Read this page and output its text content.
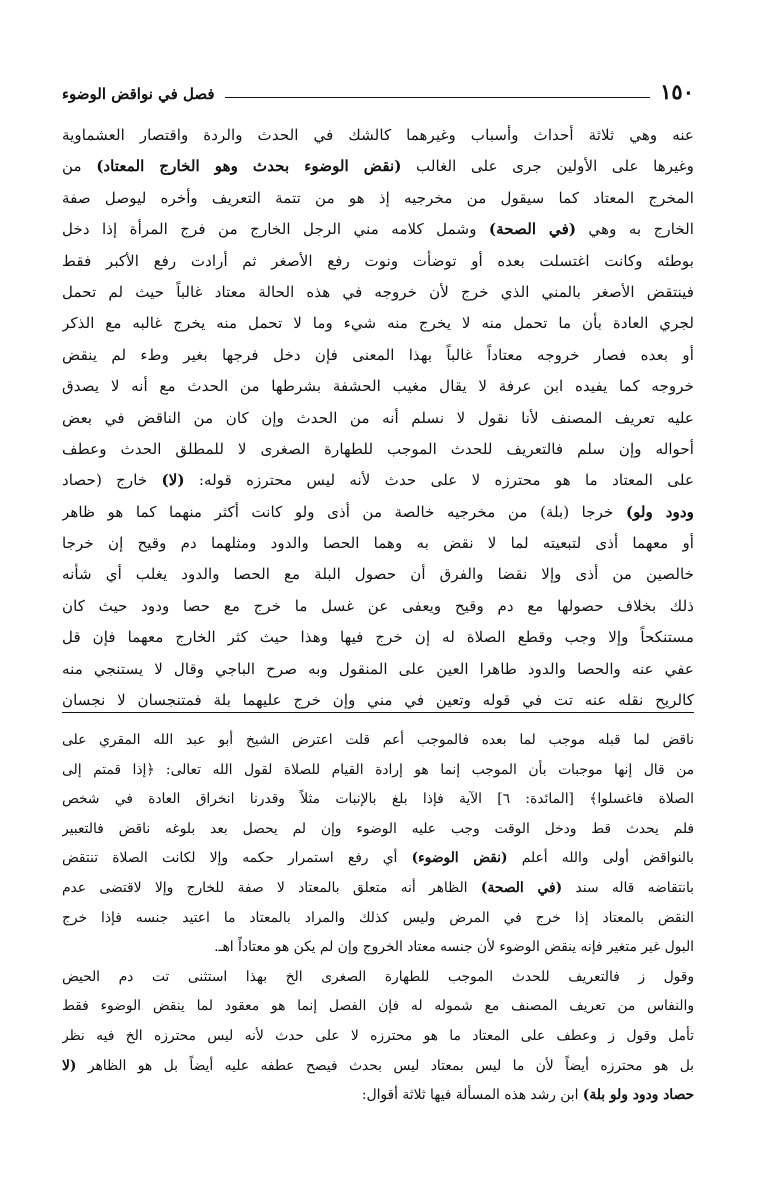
١٥٠
فصل في نواقض الوضوء
عنه وهي ثلاثة أحداث وأسباب وغيرهما كالشك في الحدث والردة واقتصار العشماوية
وغيرها على الأولين جرى على الغالب (نقض الوضوء بحدث وهو الخارج المعتاد) من
المخرج المعتاد كما سيقول من مخرجيه إذ هو من تتمة التعريف وأخره ليوصل صفة
الخارج به وهي (في الصحة) وشمل كلامه مني الرجل الخارج من فرج المرأة إذا دخل
بوطئه وكانت اغتسلت بعده أو توضأت ونوت رفع الأصغر ثم أرادت رفع الأكبر فقط
فينتقض الأصغر بالمني الذي خرج لأن خروجه في هذه الحالة معتاد غالباً حيث لم تحمل
لجري العادة بأن ما تحمل منه لا يخرج منه شيء وما لا تحمل منه يخرج غالبه مع الذكر
أو بعده فصار خروجه معتاداً غالباً بهذا المعنى فإن دخل فرجها بغير وطء لم ينقض
خروجه كما يفيده ابن عرفة لا يقال مغيب الحشفة بشرطها من الحدث مع أنه لا يصدق
عليه تعريف المصنف لأنا نقول لا نسلم أنه من الحدث وإن كان من الناقض في بعض
أحواله وإن سلم فالتعريف للحدث الموجب للطهارة الصغرى لا للمطلق الحدث وعطف
على المعتاد ما هو محترزه لا على حدث لأنه ليس محترزه قوله: (لا) خارج (حصاد
ودود ولو) خرجا (بلة) من مخرجيه خالصة من أذى ولو كانت أكثر منهما كما هو ظاهر
أو معهما أذى لتبعيته لما لا نقض به وهما الحصا والدود ومثلهما دم وقيح إن خرجا
خالصين من أذى وإلا نقضا والفرق أن حصول البلة مع الحصا والدود يغلب أي شأنه
ذلك بخلاف حصولها مع دم وقيح ويعفى عن غسل ما خرج مع حصا ودود حيث كان
مستنكحاً وإلا وجب وقطع الصلاة له إن خرج فيها وهذا حيث كثر الخارج معهما فإن قل
عفي عنه والحصا والدود طاهرا العين على المنقول وبه صرح الباجي وقال لا يستنجي منه
كالريح نقله عنه تت في قوله وتعين في مني وإن خرج عليهما بلة فمتنجسان لا نجسان
ناقض لما قبله موجب لما بعده فالموجب أعم قلت اعترض الشيخ أبو عبد الله المقري على
من قال إنها موجبات بأن الموجب إنما هو إرادة القيام للصلاة لقول الله تعالى: ﴿إذا قمتم إلى
الصلاة فاغسلوا﴾ [المائدة: ٦] الآية فإذا بلغ بالإنبات مثلاً وقدرنا انخراق العادة في شخص
فلم يحدث قط ودخل الوقت وجب عليه الوضوء وإن لم يحصل بعد بلوغه ناقض فالتعبير
بالنواقض أولى والله أعلم (نقض الوضوء) أي رفع استمرار حكمه وإلا لكانت الصلاة تنتقض
بانتقاضه قاله سند (في الصحة) الظاهر أنه متعلق بالمعتاد لا صفة للخارج وإلا لاقتضى عدم
النقض بالمعتاد إذا خرج في المرض وليس كذلك والمراد بالمعتاد ما اعتيد جنسه فإذا خرج
البول غير متغير فإنه ينقض الوضوء لأن جنسه معتاد الخروج وإن لم يكن هو معتاداً اهـ.
وقول ز فالتعريف للحدث الموجب للطهارة الصغرى الخ بهذا استثنى تت دم الحيض
والنفاس من تعريف المصنف مع شموله له فإن الفصل إنما هو معقود لما ينقض الوضوء فقط
تأمل وقول ز وعطف على المعتاد ما هو محترزه لا على حدث لأنه ليس محترزه الخ فيه نظر
بل هو محترزه أيضاً لأن ما ليس بمعتاد ليس بحدث فيصح عطفه عليه أيضاً بل هو الظاهر (لا
حصاد ودود ولو بلة) ابن رشد هذه المسألة فيها ثلاثة أقوال:
